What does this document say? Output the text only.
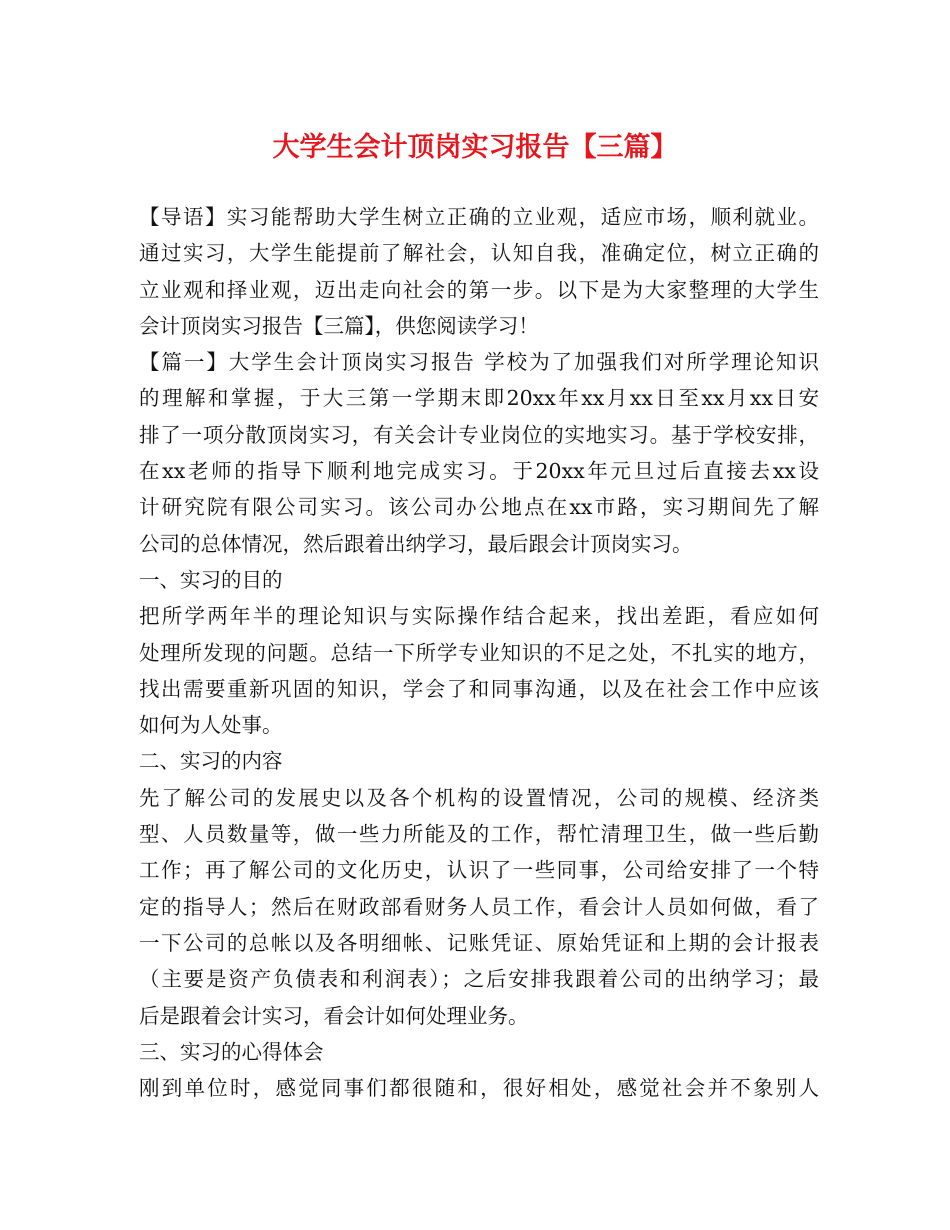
大学生会计顶岗实习报告【三篇】
【导语】实习能帮助大学生树立正确的立业观，适应市场，顺利就业。
通过实习，大学生能提前了解社会，认知自我，准确定位，树立正确的
立业观和择业观，迈出走向社会的第一步。以下是为大家整理的大学生
会计顶岗实习报告【三篇】，供您阅读学习！
【篇一】大学生会计顶岗实习报告 学校为了加强我们对所学理论知识
的理解和掌握，于大三第一学期末即20xx年xx月xx日至xx月xx日安
排了一项分散顶岗实习，有关会计专业岗位的实地实习。基于学校安排，
在xx老师的指导下顺利地完成实习。于20xx年元旦过后直接去xx设
计研究院有限公司实习。该公司办公地点在xx市路，实习期间先了解
公司的总体情况，然后跟着出纳学习，最后跟会计顶岗实习。
一、实习的目的
把所学两年半的理论知识与实际操作结合起来，找出差距，看应如何
处理所发现的问题。总结一下所学专业知识的不足之处，不扎实的地方，
找出需要重新巩固的知识，学会了和同事沟通，以及在社会工作中应该
如何为人处事。
二、实习的内容
先了解公司的发展史以及各个机构的设置情况，公司的规模、经济类
型、人员数量等，做一些力所能及的工作，帮忙清理卫生，做一些后勤
工作；再了解公司的文化历史，认识了一些同事，公司给安排了一个特
定的指导人；然后在财政部看财务人员工作，看会计人员如何做，看了
一下公司的总帐以及各明细帐、记账凭证、原始凭证和上期的会计报表
（主要是资产负债表和利润表）；之后安排我跟着公司的出纳学习；最
后是跟着会计实习，看会计如何处理业务。
三、实习的心得体会
刚到单位时，感觉同事们都很随和，很好相处，感觉社会并不象别人
